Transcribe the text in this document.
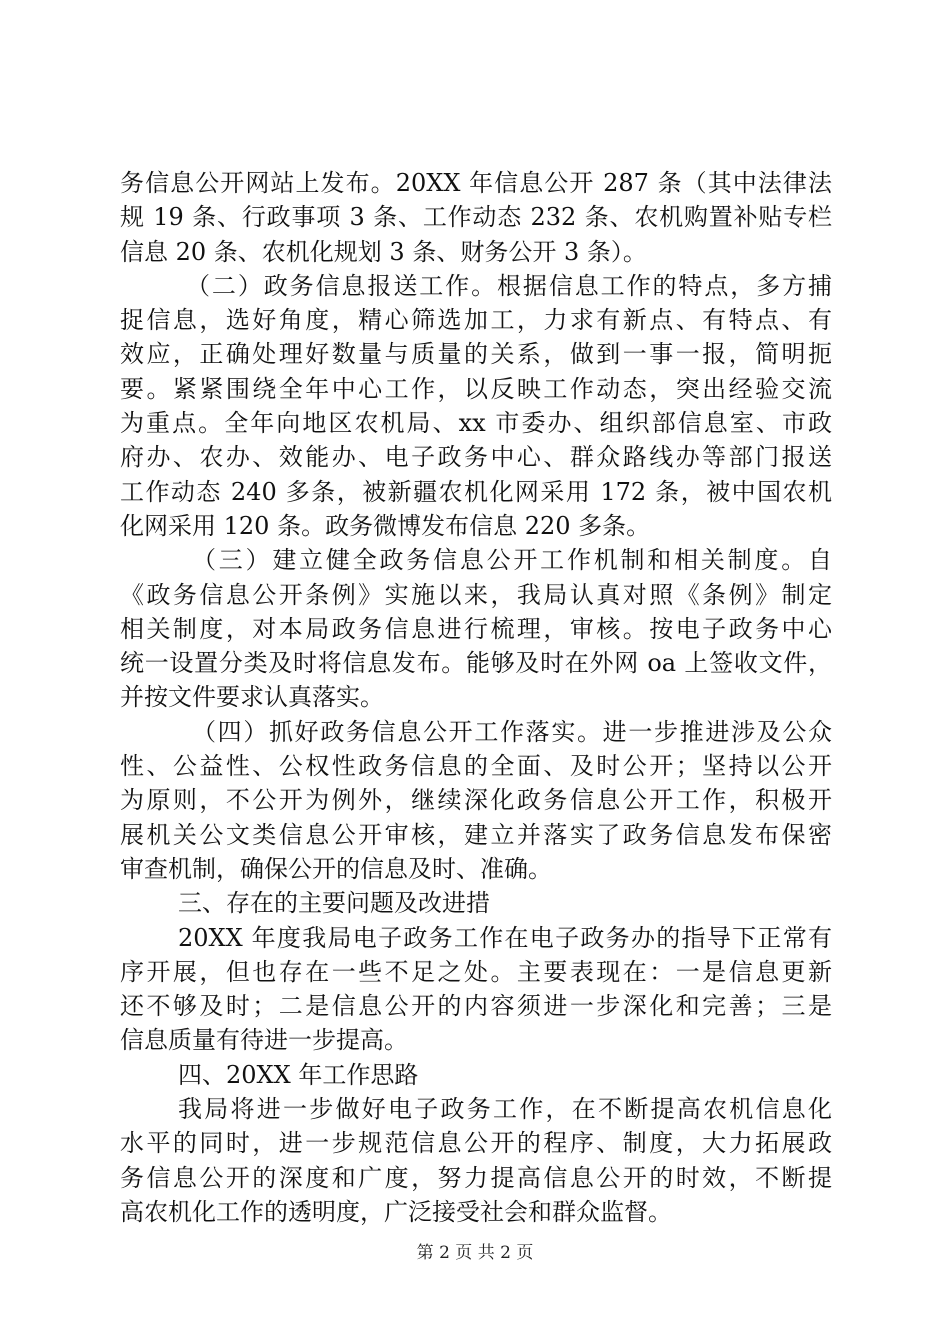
务信息公开网站上发布。20XX 年信息公开 287 条（其中法律法
规 19 条、行政事项 3 条、工作动态 232 条、农机购置补贴专栏
信息 20 条、农机化规划 3 条、财务公开 3 条）。
（二）政务信息报送工作。根据信息工作的特点，多方捕
捉信息，选好角度，精心筛选加工，力求有新点、有特点、有
效应，正确处理好数量与质量的关系，做到一事一报，简明扼
要。紧紧围绕全年中心工作，以反映工作动态，突出经验交流
为重点。全年向地区农机局、xx 市委办、组织部信息室、市政
府办、农办、效能办、电子政务中心、群众路线办等部门报送
工作动态 240 多条，被新疆农机化网采用 172 条，被中国农机
化网采用 120 条。政务微博发布信息 220 多条。
（三）建立健全政务信息公开工作机制和相关制度。自
《政务信息公开条例》实施以来，我局认真对照《条例》制定
相关制度，对本局政务信息进行梳理，审核。按电子政务中心
统一设置分类及时将信息发布。能够及时在外网 oa 上签收文件，
并按文件要求认真落实。
（四）抓好政务信息公开工作落实。进一步推进涉及公众
性、公益性、公权性政务信息的全面、及时公开；坚持以公开
为原则，不公开为例外，继续深化政务信息公开工作，积极开
展机关公文类信息公开审核，建立并落实了政务信息发布保密
审查机制，确保公开的信息及时、准确。
三、存在的主要问题及改进措
20XX 年度我局电子政务工作在电子政务办的指导下正常有
序开展，但也存在一些不足之处。主要表现在：一是信息更新
还不够及时；二是信息公开的内容须进一步深化和完善；三是
信息质量有待进一步提高。
四、20XX 年工作思路
我局将进一步做好电子政务工作，在不断提高农机信息化
水平的同时，进一步规范信息公开的程序、制度，大力拓展政
务信息公开的深度和广度，努力提高信息公开的时效，不断提
高农机化工作的透明度，广泛接受社会和群众监督。
第 2 页 共 2 页
